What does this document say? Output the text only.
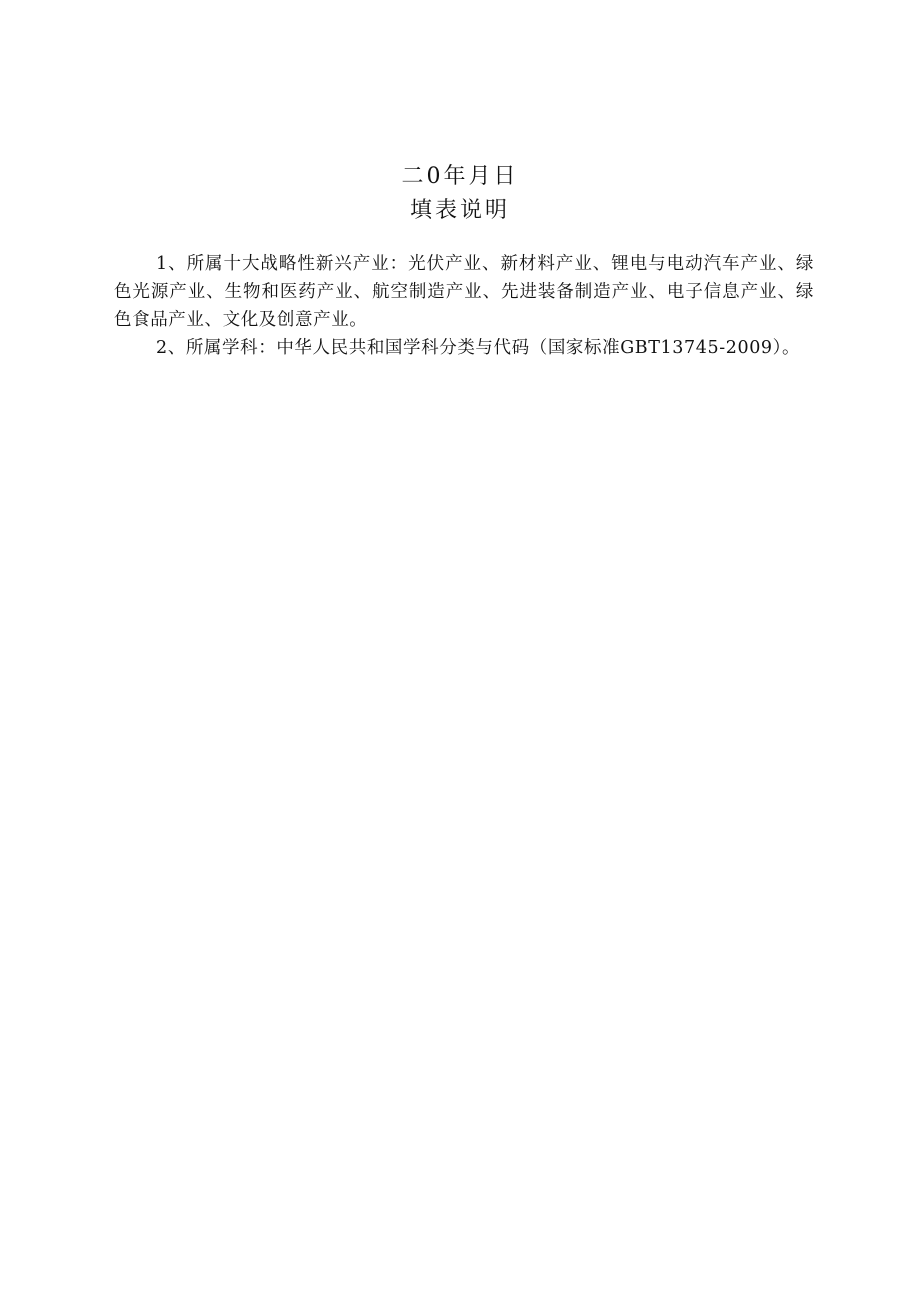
二0年月日
填表说明

1、所属十大战略性新兴产业：光伏产业、新材料产业、锂电与电动汽车产业、绿色光源产业、生物和医药产业、航空制造产业、先进装备制造产业、电子信息产业、绿色食品产业、文化及创意产业。

2、所属学科：中华人民共和国学科分类与代码（国家标准GBT13745-2009）。
